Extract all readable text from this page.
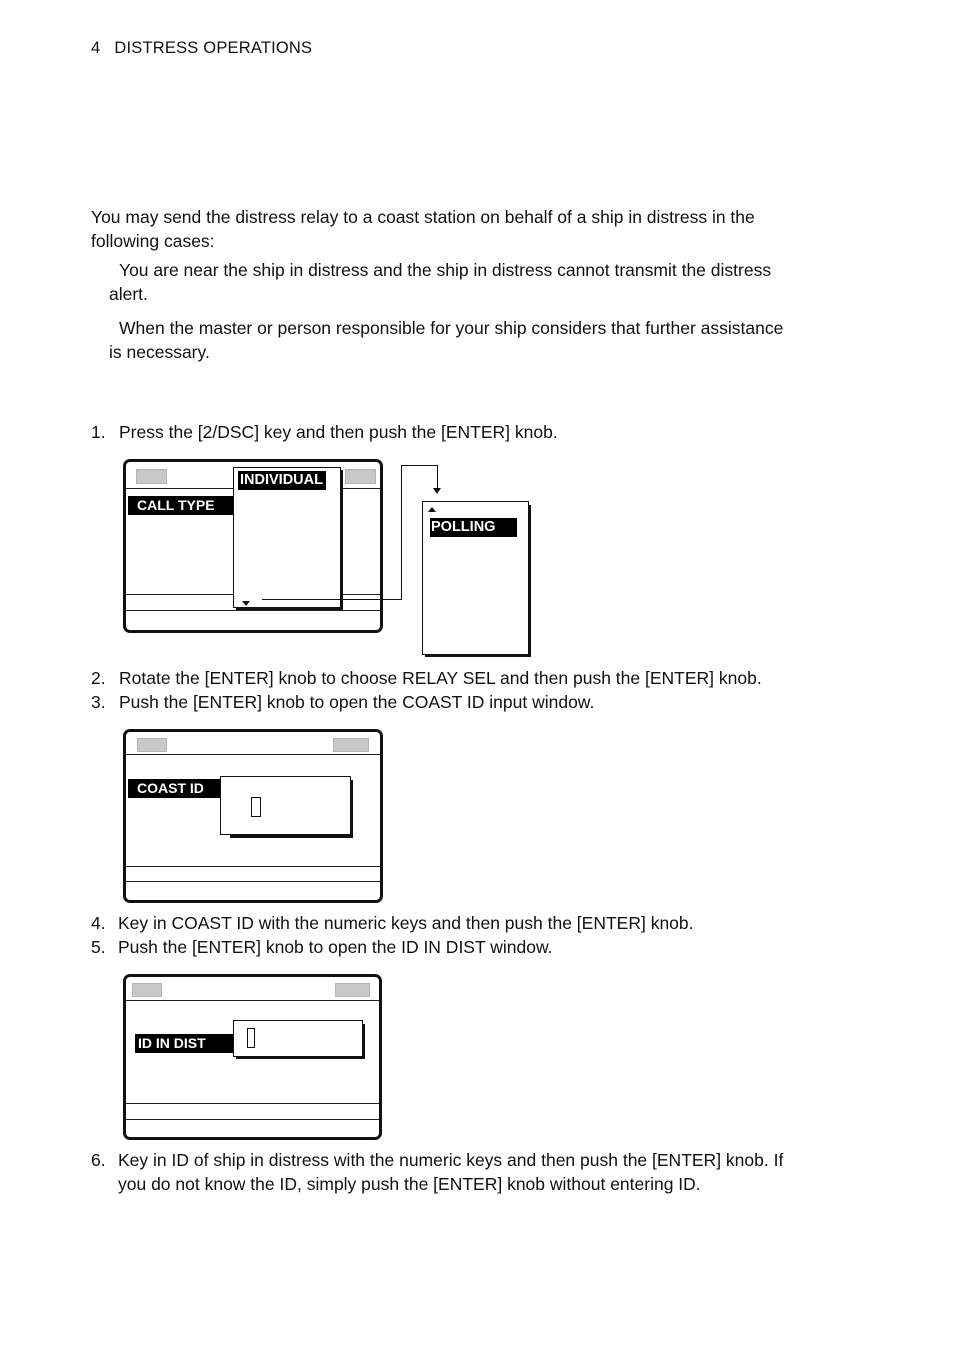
4 DISTRESS OPERATIONS
You may send the distress relay to a coast station on behalf of a ship in distress in the
following cases:
You are near the ship in distress and the ship in distress cannot transmit the distress
alert.
When the master or person responsible for your ship considers that further assistance
is necessary.
1. Press the [2/DSC] key and then push the [ENTER] knob.
CALL TYPE
INDIVIDUAL
POLLING
2. Rotate the [ENTER] knob to choose RELAY SEL and then push the [ENTER] knob.
3. Push the [ENTER] knob to open the COAST ID input window.
COAST ID
4. Key in COAST ID with the numeric keys and then push the [ENTER] knob.
5. Push the [ENTER] knob to open the ID IN DIST window.
ID IN DIST
6. Key in ID of ship in distress with the numeric keys and then push the [ENTER] knob. If
you do not know the ID, simply push the [ENTER] knob without entering ID.
